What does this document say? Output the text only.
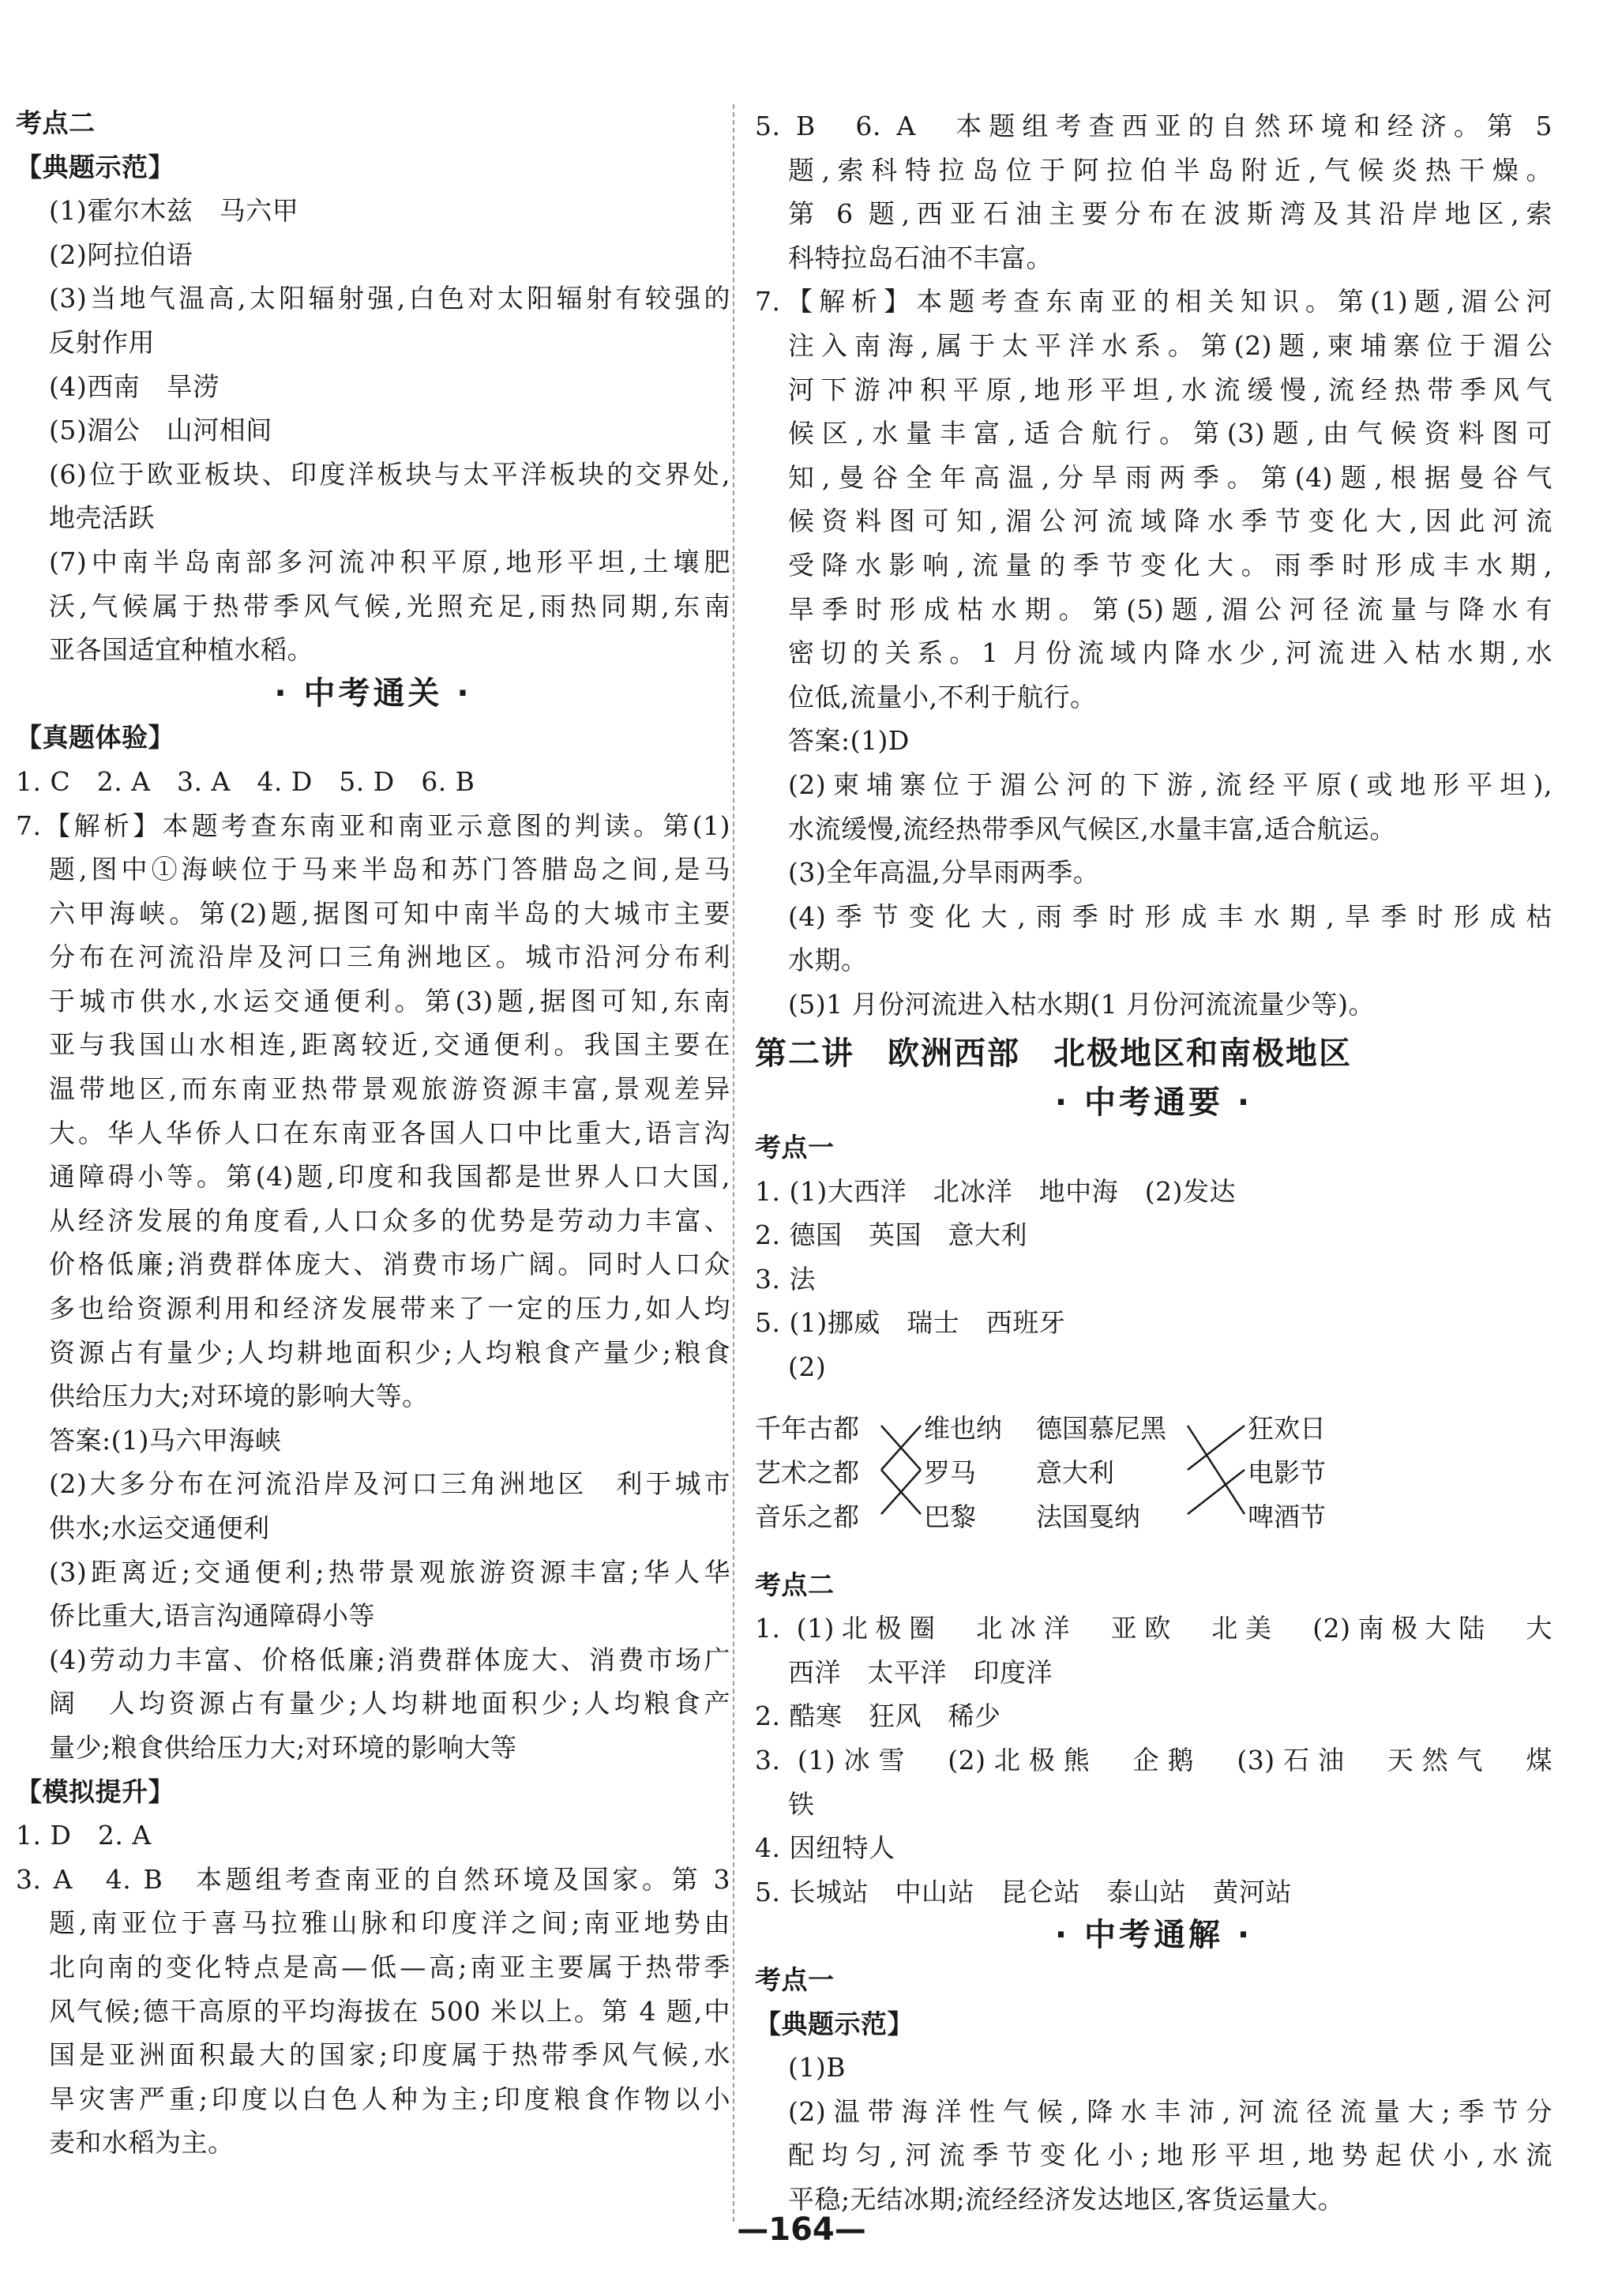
考点二
【典题示范】
(1)霍尔木兹　马六甲
(2)阿拉伯语
(3)当地气温高,太阳辐射强,白色对太阳辐射有较强的
反射作用
(4)西南　旱涝
(5)湄公　山河相间
(6)位于欧亚板块、印度洋板块与太平洋板块的交界处,
地壳活跃
(7)中南半岛南部多河流冲积平原,地形平坦,土壤肥
沃,气候属于热带季风气候,光照充足,雨热同期,东南
亚各国适宜种植水稻。
· 中考通关 ·
【真题体验】
1. C　2. A　3. A　4. D　5. D　6. B
7.【解析】本题考查东南亚和南亚示意图的判读。第(1)
题,图中①海峡位于马来半岛和苏门答腊岛之间,是马
六甲海峡。第(2)题,据图可知中南半岛的大城市主要
分布在河流沿岸及河口三角洲地区。城市沿河分布利
于城市供水,水运交通便利。第(3)题,据图可知,东南
亚与我国山水相连,距离较近,交通便利。我国主要在
温带地区,而东南亚热带景观旅游资源丰富,景观差异
大。华人华侨人口在东南亚各国人口中比重大,语言沟
通障碍小等。第(4)题,印度和我国都是世界人口大国,
从经济发展的角度看,人口众多的优势是劳动力丰富、
价格低廉;消费群体庞大、消费市场广阔。同时人口众
多也给资源利用和经济发展带来了一定的压力,如人均
资源占有量少;人均耕地面积少;人均粮食产量少;粮食
供给压力大;对环境的影响大等。
答案:(1)马六甲海峡
(2)大多分布在河流沿岸及河口三角洲地区　利于城市
供水;水运交通便利
(3)距离近;交通便利;热带景观旅游资源丰富;华人华
侨比重大,语言沟通障碍小等
(4)劳动力丰富、价格低廉;消费群体庞大、消费市场广
阔　人均资源占有量少;人均耕地面积少;人均粮食产
量少;粮食供给压力大;对环境的影响大等
【模拟提升】
1. D　2. A
3. A　4. B　本题组考查南亚的自然环境及国家。第 3
题,南亚位于喜马拉雅山脉和印度洋之间;南亚地势由
北向南的变化特点是高—低—高;南亚主要属于热带季
风气候;德干高原的平均海拔在 500 米以上。第 4 题,中
国是亚洲面积最大的国家;印度属于热带季风气候,水
旱灾害严重;印度以白色人种为主;印度粮食作物以小
麦和水稻为主。
5. B　6. A　本题组考查西亚的自然环境和经济。第 5
题,索科特拉岛位于阿拉伯半岛附近,气候炎热干燥。
第 6 题,西亚石油主要分布在波斯湾及其沿岸地区,索
科特拉岛石油不丰富。
7.【解析】本题考查东南亚的相关知识。第(1)题,湄公河
注入南海,属于太平洋水系。第(2)题,柬埔寨位于湄公
河下游冲积平原,地形平坦,水流缓慢,流经热带季风气
候区,水量丰富,适合航行。第(3)题,由气候资料图可
知,曼谷全年高温,分旱雨两季。第(4)题,根据曼谷气
候资料图可知,湄公河流域降水季节变化大,因此河流
受降水影响,流量的季节变化大。雨季时形成丰水期,
旱季时形成枯水期。第(5)题,湄公河径流量与降水有
密切的关系。1 月份流域内降水少,河流进入枯水期,水
位低,流量小,不利于航行。
答案:(1)D
(2)柬埔寨位于湄公河的下游,流经平原(或地形平坦),
水流缓慢,流经热带季风气候区,水量丰富,适合航运。
(3)全年高温,分旱雨两季。
(4)季节变化大,雨季时形成丰水期,旱季时形成枯
水期。
(5)1 月份河流进入枯水期(1 月份河流流量少等)。
第二讲　欧洲西部　北极地区和南极地区
· 中考通要 ·
考点一
1. (1)大西洋　北冰洋　地中海　(2)发达
2. 德国　英国　意大利
3. 法
5. (1)挪威　瑞士　西班牙
(2)
千年古都
艺术之都
音乐之都
维也纳
罗马
巴黎
德国慕尼黑
意大利
法国戛纳
狂欢日
电影节
啤酒节
考点二
1. (1)北极圈　北冰洋　亚欧　北美　(2)南极大陆　大
西洋　太平洋　印度洋
2. 酷寒　狂风　稀少
3. (1)冰雪　(2)北极熊　企鹅　(3)石油　天然气　煤
铁
4. 因纽特人
5. 长城站　中山站　昆仑站　泰山站　黄河站
· 中考通解 ·
考点一
【典题示范】
(1)B
(2)温带海洋性气候,降水丰沛,河流径流量大;季节分
配均匀,河流季节变化小;地形平坦,地势起伏小,水流
平稳;无结冰期;流经经济发达地区,客货运量大。
—164—
